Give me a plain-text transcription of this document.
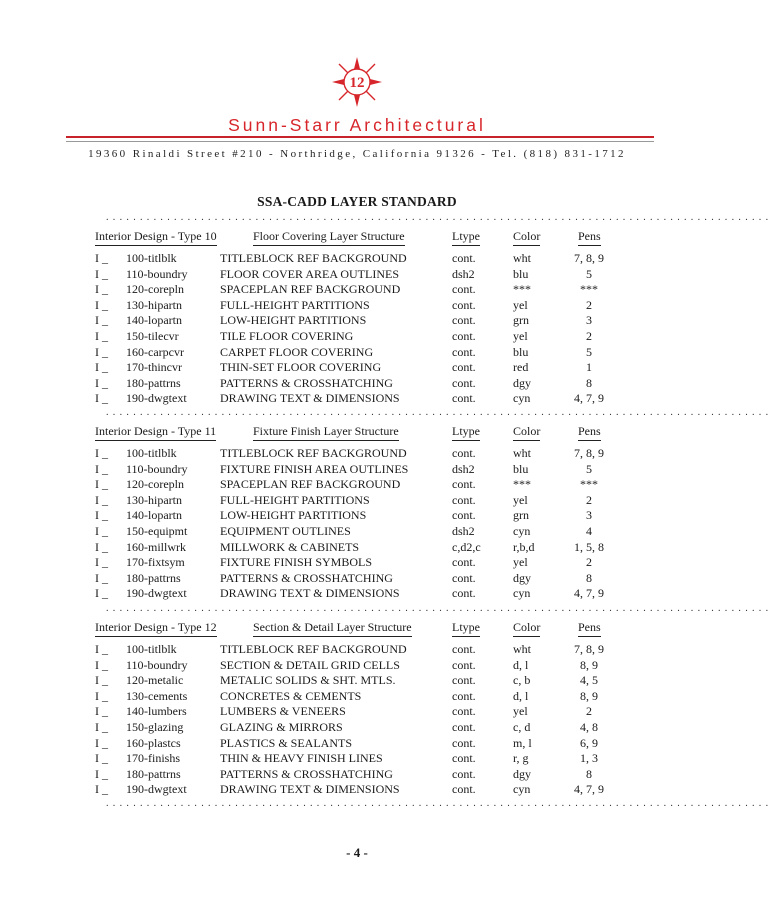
12
Sunn-Starr Architectural
19360 Rinaldi Street #210 - Northridge, California 91326 - Tel. (818) 831-1712
SSA-CADD LAYER STANDARD
..................................................................................................
..................................................................................................
..................................................................................................
..................................................................................................
Interior Design - Type 10	Floor Covering Layer Structure	Ltype	Color	Pens
I _ 100-titlblk	TITLEBLOCK REF BACKGROUND	cont.	wht	7, 8, 9
I _ 110-boundry	FLOOR COVER AREA OUTLINES	dsh2	blu	5
I _ 120-corepln	SPACEPLAN REF BACKGROUND	cont.	***	***
I _ 130-hipartn	FULL-HEIGHT PARTITIONS	cont.	yel	2
I _ 140-lopartn	LOW-HEIGHT PARTITIONS	cont.	grn	3
I _ 150-tilecvr	TILE FLOOR COVERING	cont.	yel	2
I _ 160-carpcvr	CARPET FLOOR COVERING	cont.	blu	5
I _ 170-thincvr	THIN-SET FLOOR COVERING	cont.	red	1
I _ 180-pattrns	PATTERNS & CROSSHATCHING	cont.	dgy	8
I _ 190-dwgtext	DRAWING TEXT & DIMENSIONS	cont.	cyn	4, 7, 9
Interior Design - Type 11	Fixture Finish Layer Structure	Ltype	Color	Pens
I _ 100-titlblk	TITLEBLOCK REF BACKGROUND	cont.	wht	7, 8, 9
I _ 110-boundry	FIXTURE FINISH AREA OUTLINES	dsh2	blu	5
I _ 120-corepln	SPACEPLAN REF BACKGROUND	cont.	***	***
I _ 130-hipartn	FULL-HEIGHT PARTITIONS	cont.	yel	2
I _ 140-lopartn	LOW-HEIGHT PARTITIONS	cont.	grn	3
I _ 150-equipmt	EQUIPMENT OUTLINES	dsh2	cyn	4
I _ 160-millwrk	MILLWORK & CABINETS	c,d2,c	r,b,d	1, 5, 8
I _ 170-fixtsym	FIXTURE FINISH SYMBOLS	cont.	yel	2
I _ 180-pattrns	PATTERNS & CROSSHATCHING	cont.	dgy	8
I _ 190-dwgtext	DRAWING TEXT & DIMENSIONS	cont.	cyn	4, 7, 9
Interior Design - Type 12	Section & Detail Layer Structure	Ltype	Color	Pens
I _ 100-titlblk	TITLEBLOCK REF BACKGROUND	cont.	wht	7, 8, 9
I _ 110-boundry	SECTION & DETAIL GRID CELLS	cont.	d, l	8, 9
I _ 120-metalic	METALIC SOLIDS & SHT. MTLS.	cont.	c, b	4, 5
I _ 130-cements	CONCRETES & CEMENTS	cont.	d, l	8, 9
I _ 140-lumbers	LUMBERS & VENEERS	cont.	yel	2
I _ 150-glazing	GLAZING & MIRRORS	cont.	c, d	4, 8
I _ 160-plastcs	PLASTICS & SEALANTS	cont.	m, l	6, 9
I _ 170-finishs	THIN & HEAVY FINISH LINES	cont.	r, g	1, 3
I _ 180-pattrns	PATTERNS & CROSSHATCHING	cont.	dgy	8
I _ 190-dwgtext	DRAWING TEXT & DIMENSIONS	cont.	cyn	4, 7, 9
- 4 -
